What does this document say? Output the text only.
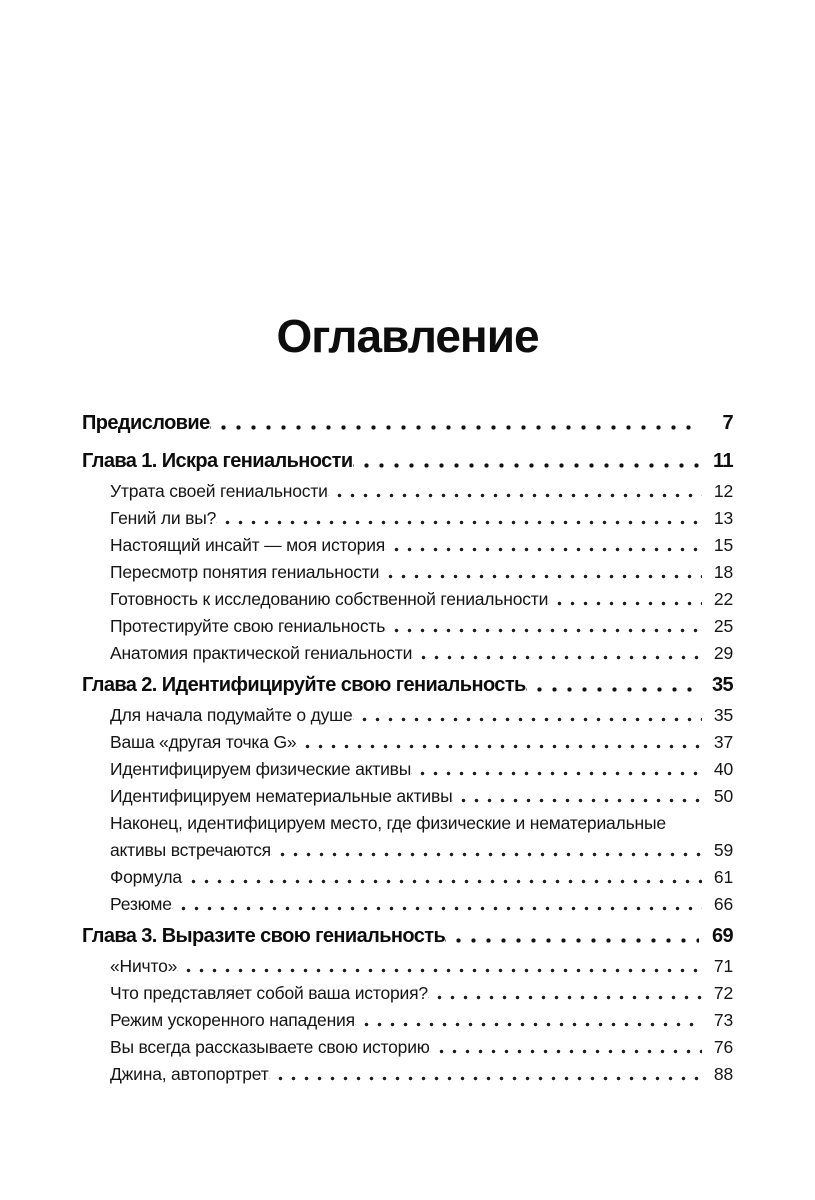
Оглавление
Предисловие	7
Глава 1. Искра гениальности	11
Утрата своей гениальности	12
Гений ли вы?	13
Настоящий инсайт — моя история	15
Пересмотр понятия гениальности	18
Готовность к исследованию собственной гениальности	22
Протестируйте свою гениальность	25
Анатомия практической гениальности	29
Глава 2. Идентифицируйте свою гениальность	35
Для начала подумайте о душе	35
Ваша «другая точка G»	37
Идентифицируем физические активы	40
Идентифицируем нематериальные активы	50
Наконец, идентифицируем место, где физические и нематериальные
активы встречаются	59
Формула	61
Резюме	66
Глава 3. Выразите свою гениальность	69
«Ничто»	71
Что представляет собой ваша история?	72
Режим ускоренного нападения	73
Вы всегда рассказываете свою историю	76
Джина, автопортрет	88
